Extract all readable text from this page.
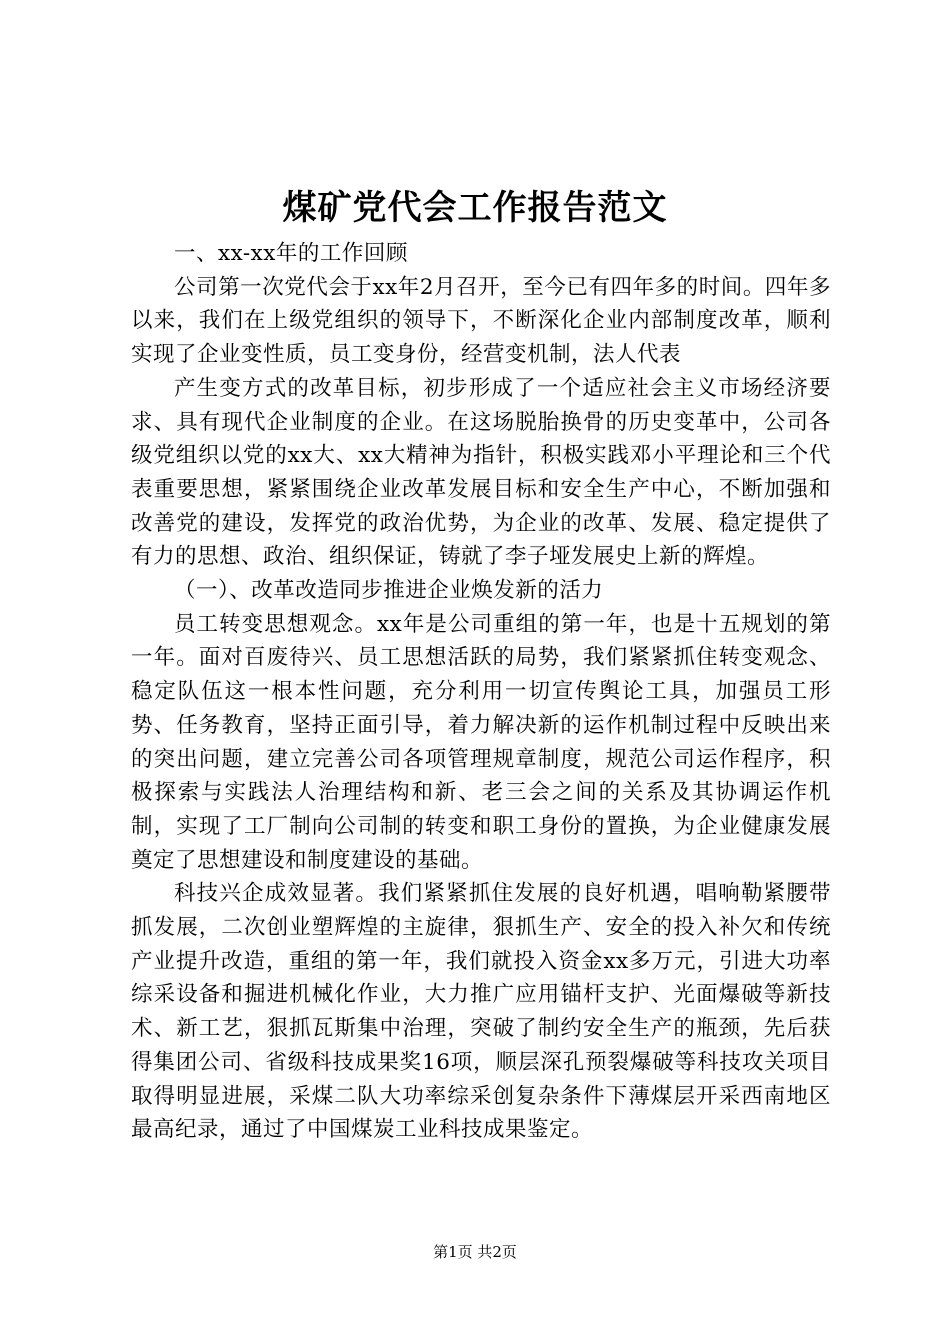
煤矿党代会工作报告范文

一、xx-xx年的工作回顾

公司第一次党代会于xx年2月召开，至今已有四年多的时间。四年多以来，我们在上级党组织的领导下，不断深化企业内部制度改革，顺利实现了企业变性质，员工变身份，经营变机制，法人代表

产生变方式的改革目标，初步形成了一个适应社会主义市场经济要求、具有现代企业制度的企业。在这场脱胎换骨的历史变革中，公司各级党组织以党的xx大、xx大精神为指针，积极实践邓小平理论和三个代表重要思想，紧紧围绕企业改革发展目标和安全生产中心，不断加强和改善党的建设，发挥党的政治优势，为企业的改革、发展、稳定提供了有力的思想、政治、组织保证，铸就了李子垭发展史上新的辉煌。

（一）、改革改造同步推进企业焕发新的活力

员工转变思想观念。xx年是公司重组的第一年，也是十五规划的第一年。面对百废待兴、员工思想活跃的局势，我们紧紧抓住转变观念、稳定队伍这一根本性问题，充分利用一切宣传舆论工具，加强员工形势、任务教育，坚持正面引导，着力解决新的运作机制过程中反映出来的突出问题，建立完善公司各项管理规章制度，规范公司运作程序，积极探索与实践法人治理结构和新、老三会之间的关系及其协调运作机制，实现了工厂制向公司制的转变和职工身份的置换，为企业健康发展奠定了思想建设和制度建设的基础。

科技兴企成效显著。我们紧紧抓住发展的良好机遇，唱响勒紧腰带抓发展，二次创业塑辉煌的主旋律，狠抓生产、安全的投入补欠和传统产业提升改造，重组的第一年，我们就投入资金xx多万元，引进大功率综采设备和掘进机械化作业，大力推广应用锚杆支护、光面爆破等新技术、新工艺，狠抓瓦斯集中治理，突破了制约安全生产的瓶颈，先后获得集团公司、省级科技成果奖16项，顺层深孔预裂爆破等科技攻关项目取得明显进展，采煤二队大功率综采创复杂条件下薄煤层开采西南地区最高纪录，通过了中国煤炭工业科技成果鉴定。

第1页 共2页
